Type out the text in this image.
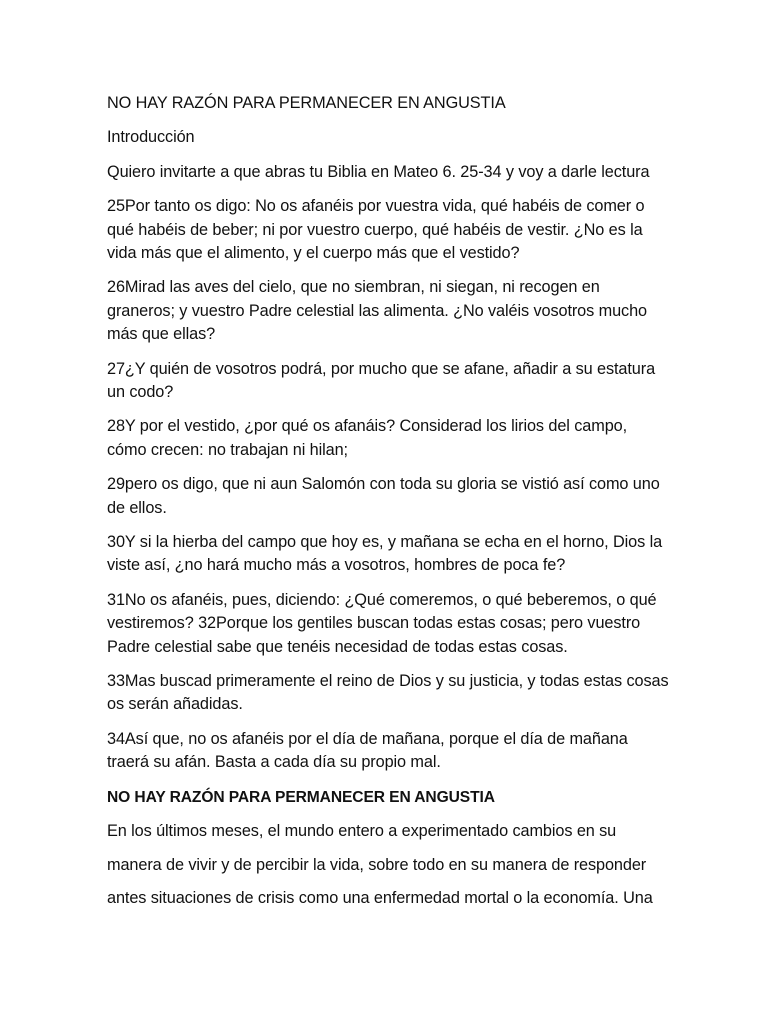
NO HAY RAZÓN PARA PERMANECER EN ANGUSTIA
Introducción
Quiero invitarte a que abras tu Biblia en Mateo 6. 25-34 y voy a darle lectura
25Por tanto os digo: No os afanéis por vuestra vida, qué habéis de comer o
qué habéis de beber; ni por vuestro cuerpo, qué habéis de vestir. ¿No es la
vida más que el alimento, y el cuerpo más que el vestido?
26Mirad las aves del cielo, que no siembran, ni siegan, ni recogen en
graneros; y vuestro Padre celestial las alimenta. ¿No valéis vosotros mucho
más que ellas?
27¿Y quién de vosotros podrá, por mucho que se afane, añadir a su estatura
un codo?
28Y por el vestido, ¿por qué os afanáis? Considerad los lirios del campo,
cómo crecen: no trabajan ni hilan;
29pero os digo, que ni aun Salomón con toda su gloria se vistió así como uno
de ellos.
30Y si la hierba del campo que hoy es, y mañana se echa en el horno, Dios la
viste así, ¿no hará mucho más a vosotros, hombres de poca fe?
31No os afanéis, pues, diciendo: ¿Qué comeremos, o qué beberemos, o qué
vestiremos? 32Porque los gentiles buscan todas estas cosas; pero vuestro
Padre celestial sabe que tenéis necesidad de todas estas cosas.
33Mas buscad primeramente el reino de Dios y su justicia, y todas estas cosas
os serán añadidas.
34Así que, no os afanéis por el día de mañana, porque el día de mañana
traerá su afán. Basta a cada día su propio mal.
NO HAY RAZÓN PARA PERMANECER EN ANGUSTIA
En los últimos meses, el mundo entero a experimentado cambios en su
manera de vivir y de percibir la vida, sobre todo en su manera de responder
antes situaciones de crisis como una enfermedad mortal o la economía. Una
